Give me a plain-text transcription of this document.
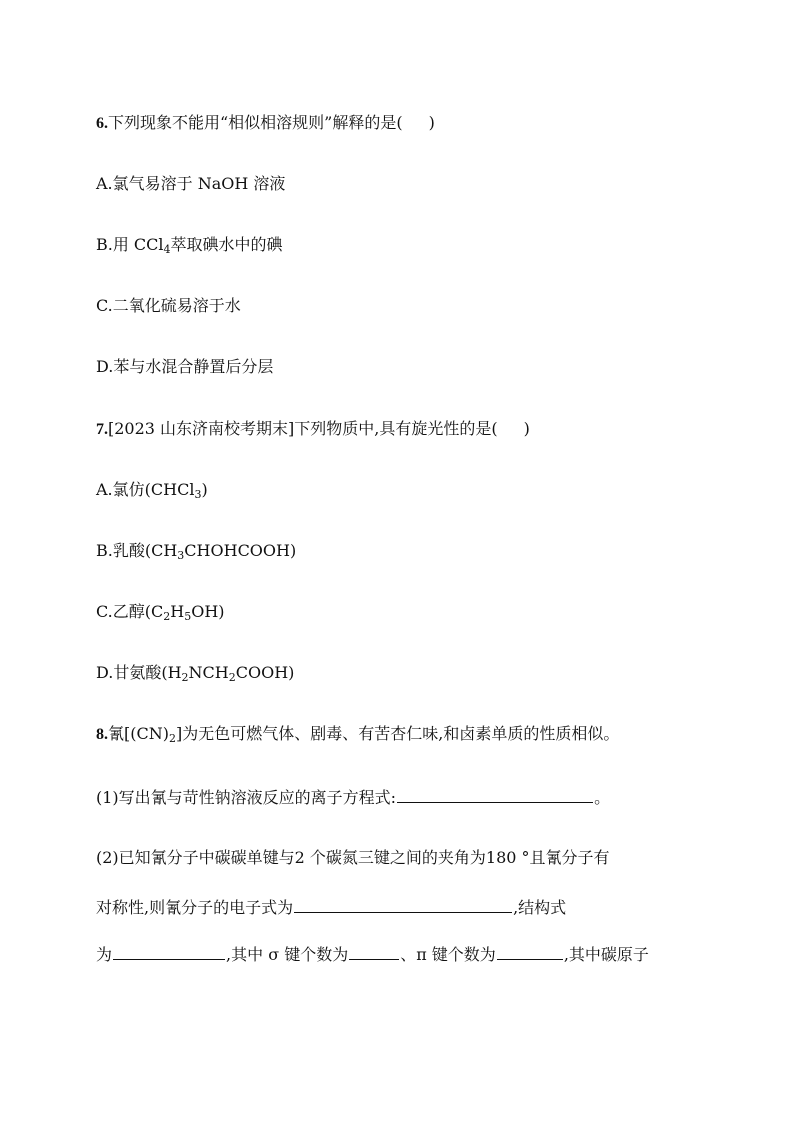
6.下列现象不能用“相似相溶规则”解释的是( )
A.氯气易溶于 NaOH 溶液
B.用 CCl$_4$萃取碘水中的碘
C.二氧化硫易溶于水
D.苯与水混合静置后分层
7.[2023 山东济南校考期末]下列物质中,具有旋光性的是( )
A.氯仿(CHCl$_3$)
B.乳酸$(CH_3CHOHCOOH)$
C.乙醇$(C_2H_5OH)$
D.甘氨酸$(H_2NCH_2COOH)$
8.氰$[(CN)_2]$为无色可燃气体、剧毒、有苦杏仁味,和卤素单质的性质相似。
(1)写出氰与苛性钠溶液反应的离子方程式:	。
(2)已知氰分子中碳碳单键与2 个碳氮三键之间的夹角为180 °且氰分子有
对称性,则氰分子的电子式为	,结构式
为	,其中 σ 键个数为	、π 键个数为	,其中碳原子
